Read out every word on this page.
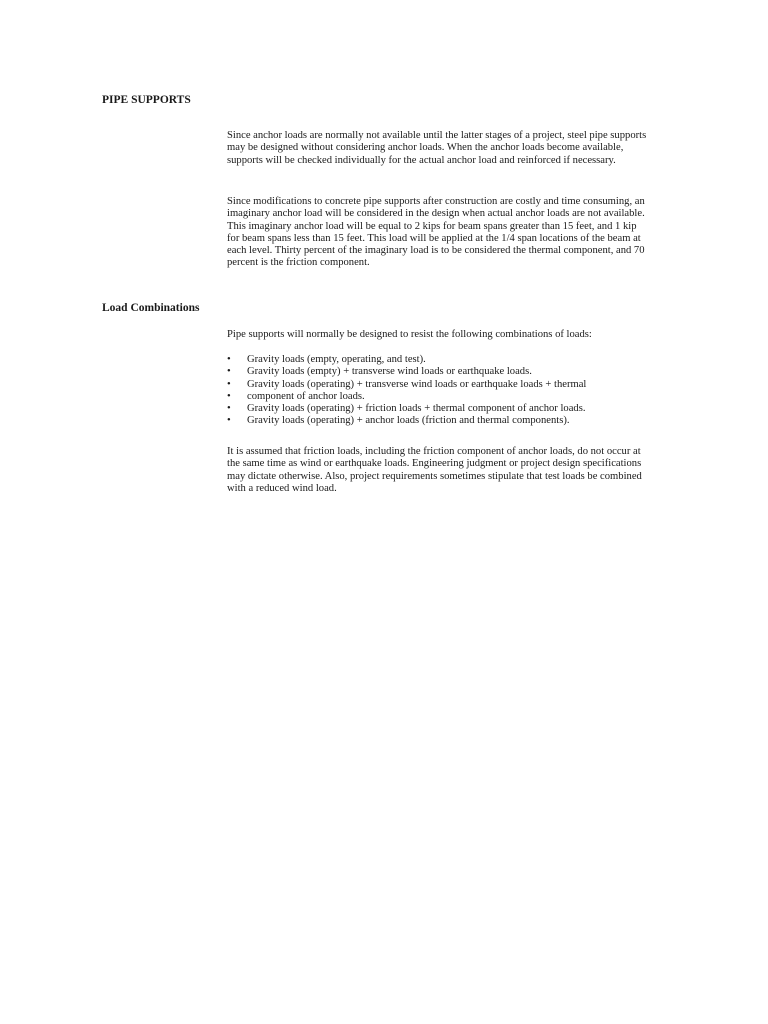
PIPE SUPPORTS

Since anchor loads are normally not available until the latter stages of a project, steel pipe supports may be designed without considering anchor loads. When the anchor loads become available, supports will be checked individually for the actual anchor load and reinforced if necessary.

Since modifications to concrete pipe supports after construction are costly and time consuming, an imaginary anchor load will be considered in the design when actual anchor loads are not available. This imaginary anchor load will be equal to 2 kips for beam spans greater than 15 feet, and 1 kip for beam spans less than 15 feet. This load will be applied at the 1/4 span locations of the beam at each level. Thirty percent of the imaginary load is to be considered the thermal component, and 70 percent is the friction component.

Load Combinations

Pipe supports will normally be designed to resist the following combinations of loads:

• Gravity loads (empty, operating, and test).
• Gravity loads (empty) + transverse wind loads or earthquake loads.
• Gravity loads (operating) + transverse wind loads or earthquake loads + thermal
• component of anchor loads.
• Gravity loads (operating) + friction loads + thermal component of anchor loads.
• Gravity loads (operating) + anchor loads (friction and thermal components).

It is assumed that friction loads, including the friction component of anchor loads, do not occur at the same time as wind or earthquake loads. Engineering judgment or project design specifications may dictate otherwise. Also, project requirements sometimes stipulate that test loads be combined with a reduced wind load.
